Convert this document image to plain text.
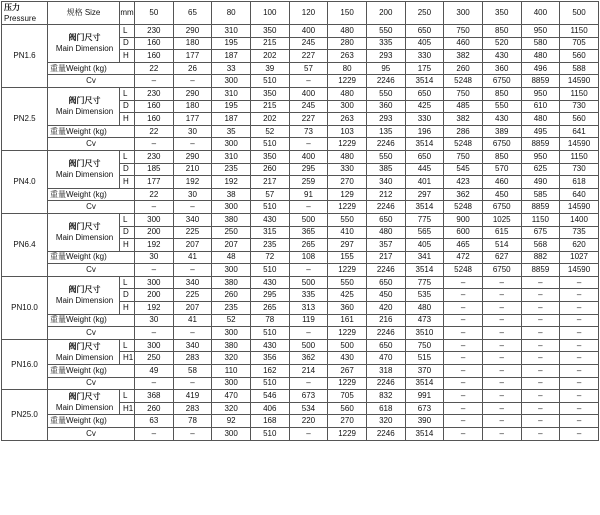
压力
Pressure	规格 Size	mm	50	65	80	100	120	150	200	250	300	350	400	500
PN1.6	阀门尺寸
Main Dimension	L	230	290	310	350	400	480	550	650	750	850	950	1150
		D	160	180	195	215	245	280	335	405	460	520	580	705
		H	160	177	187	202	227	263	293	330	382	430	480	560
	重量Weight (kg)		22	26	33	39	57	80	95	175	260	360	496	588
	Cv		–	–	300	510	–	1229	2246	3514	5248	6750	8859	14590
PN2.5	阀门尺寸
Main Dimension	L	230	290	310	350	400	480	550	650	750	850	950	1150
		D	160	180	195	215	245	300	360	425	485	550	610	730
		H	160	177	187	202	227	263	293	330	382	430	480	560
	重量Weight (kg)		22	30	35	52	73	103	135	196	286	389	495	641
	Cv		–	–	300	510	–	1229	2246	3514	5248	6750	8859	14590
PN4.0	阀门尺寸
Main Dimension	L	230	290	310	350	400	480	550	650	750	850	950	1150
		D	185	210	235	260	295	330	385	445	545	570	625	730
		H	177	192	192	217	259	270	340	401	423	460	490	618
	重量Weight (kg)		22	30	38	57	91	129	212	297	362	450	585	640
	Cv		–	–	300	510	–	1229	2246	3514	5248	6750	8859	14590
PN6.4	阀门尺寸
Main Dimension	L	300	340	380	430	500	550	650	775	900	1025	1150	1400
		D	200	225	250	315	365	410	480	565	600	615	675	735
		H	192	207	207	235	265	297	357	405	465	514	568	620
	重量Weight (kg)		30	41	48	72	108	155	217	341	472	627	882	1027
	Cv		–	–	300	510	–	1229	2246	3514	5248	6750	8859	14590
PN10.0	阀门尺寸
Main Dimension	L	300	340	380	430	500	550	650	775	–	–	–	–
		D	200	225	260	295	335	425	450	535	–	–	–	–
		H	192	207	235	265	313	360	420	480	–	–	–	–
	重量Weight (kg)		30	41	52	78	119	161	216	473	–	–	–	–
	Cv		–	–	300	510	–	1229	2246	3510	–	–	–	–
PN16.0	阀门尺寸
Main Dimension	L	300	340	380	430	500	500	650	750	–	–	–	–
		H1	250	283	320	356	362	430	470	515	–	–	–	–
	重量Weight (kg)		49	58	110	162	214	267	318	370	–	–	–	–
	Cv		–	–	300	510	–	1229	2246	3514	–	–	–	–
PN25.0	阀门尺寸
Main Dimension	L	368	419	470	546	673	705	832	991	–	–	–	–
		H1	260	283	320	406	534	560	618	673	–	–	–	–
	重量Weight (kg)		63	78	92	168	220	270	320	390	–	–	–	–
	Cv		–	–	300	510	–	1229	2246	3514	–	–	–	–
